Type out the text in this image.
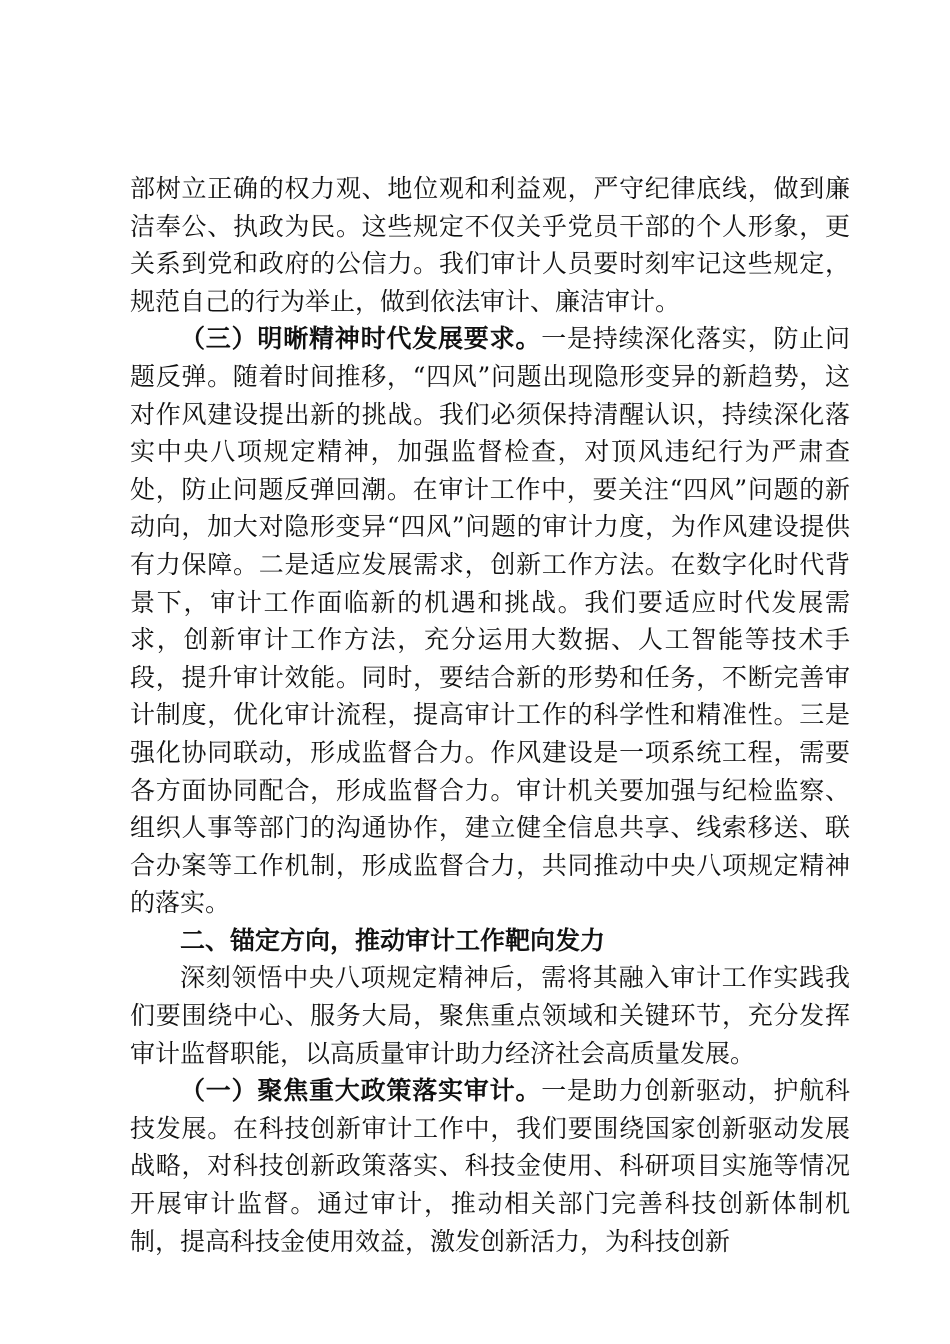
部树立正确的权力观、地位观和利益观，严守纪律底线，做到廉洁奉公、执政为民。这些规定不仅关乎党员干部的个人形象，更关系到党和政府的公信力。我们审计人员要时刻牢记这些规定，规范自己的行为举止，做到依法审计、廉洁审计。

（三）明晰精神时代发展要求。一是持续深化落实，防止问题反弹。随着时间推移，“四风”问题出现隐形变异的新趋势，这对作风建设提出新的挑战。我们必须保持清醒认识，持续深化落实中央八项规定精神，加强监督检查，对顶风违纪行为严肃查处，防止问题反弹回潮。在审计工作中，要关注“四风”问题的新动向，加大对隐形变异“四风”问题的审计力度，为作风建设提供有力保障。二是适应发展需求，创新工作方法。在数字化时代背景下，审计工作面临新的机遇和挑战。我们要适应时代发展需求，创新审计工作方法，充分运用大数据、人工智能等技术手段，提升审计效能。同时，要结合新的形势和任务，不断完善审计制度，优化审计流程，提高审计工作的科学性和精准性。三是强化协同联动，形成监督合力。作风建设是一项系统工程，需要各方面协同配合，形成监督合力。审计机关要加强与纪检监察、组织人事等部门的沟通协作，建立健全信息共享、线索移送、联合办案等工作机制，形成监督合力，共同推动中央八项规定精神的落实。

二、锚定方向，推动审计工作靶向发力

深刻领悟中央八项规定精神后，需将其融入审计工作实践我们要围绕中心、服务大局，聚焦重点领域和关键环节，充分发挥审计监督职能，以高质量审计助力经济社会高质量发展。

（一）聚焦重大政策落实审计。一是助力创新驱动，护航科技发展。在科技创新审计工作中，我们要围绕国家创新驱动发展战略，对科技创新政策落实、科技金使用、科研项目实施等情况开展审计监督。通过审计，推动相关部门完善科技创新体制机制，提高科技金使用效益，激发创新活力，为科技创新
